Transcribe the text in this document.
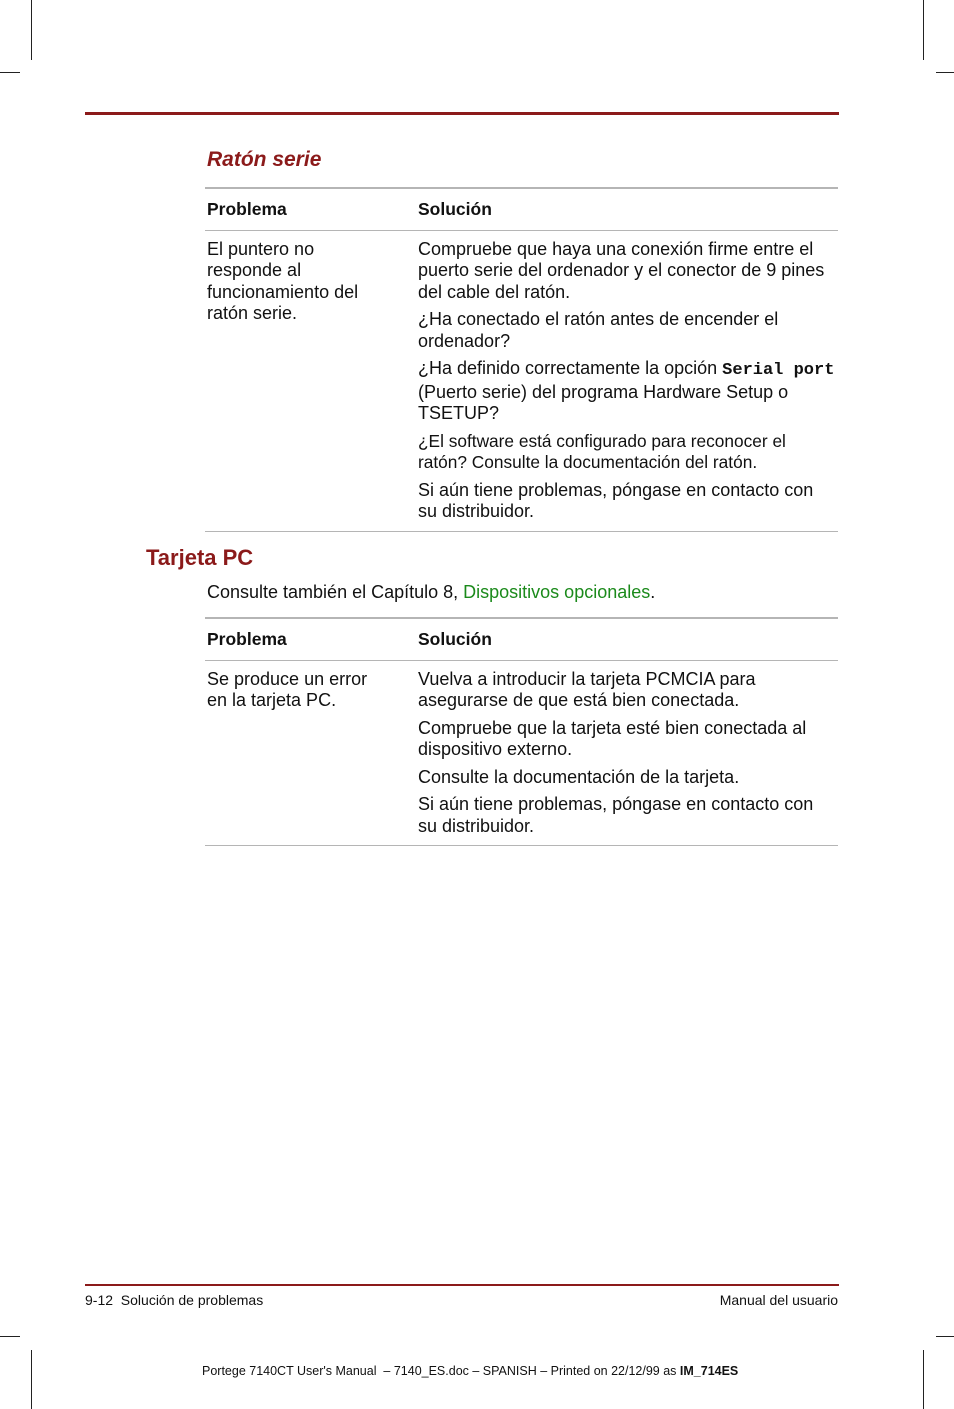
Ratón serie
Problema	Solución

El puntero no responde al funcionamiento del ratón serie.	Compruebe que haya una conexión firme entre el puerto serie del ordenador y el conector de 9 pines del cable del ratón.

¿Ha conectado el ratón antes de encender el ordenador?

¿Ha definido correctamente la opción Serial port (Puerto serie) del programa Hardware Setup o TSETUP?

¿El software está configurado para reconocer el ratón? Consulte la documentación del ratón.

Si aún tiene problemas, póngase en contacto con su distribuidor.

Tarjeta PC
Consulte también el Capítulo 8, Dispositivos opcionales.
Problema	Solución

Se produce un error en la tarjeta PC.	Vuelva a introducir la tarjeta PCMCIA para asegurarse de que está bien conectada.

Compruebe que la tarjeta esté bien conectada al dispositivo externo.

Consulte la documentación de la tarjeta.

Si aún tiene problemas, póngase en contacto con su distribuidor.

9-12  Solución de problemas	Manual del usuario
Portege 7140CT User's Manual  – 7140_ES.doc – SPANISH – Printed on 22/12/99 as IM_714ES
